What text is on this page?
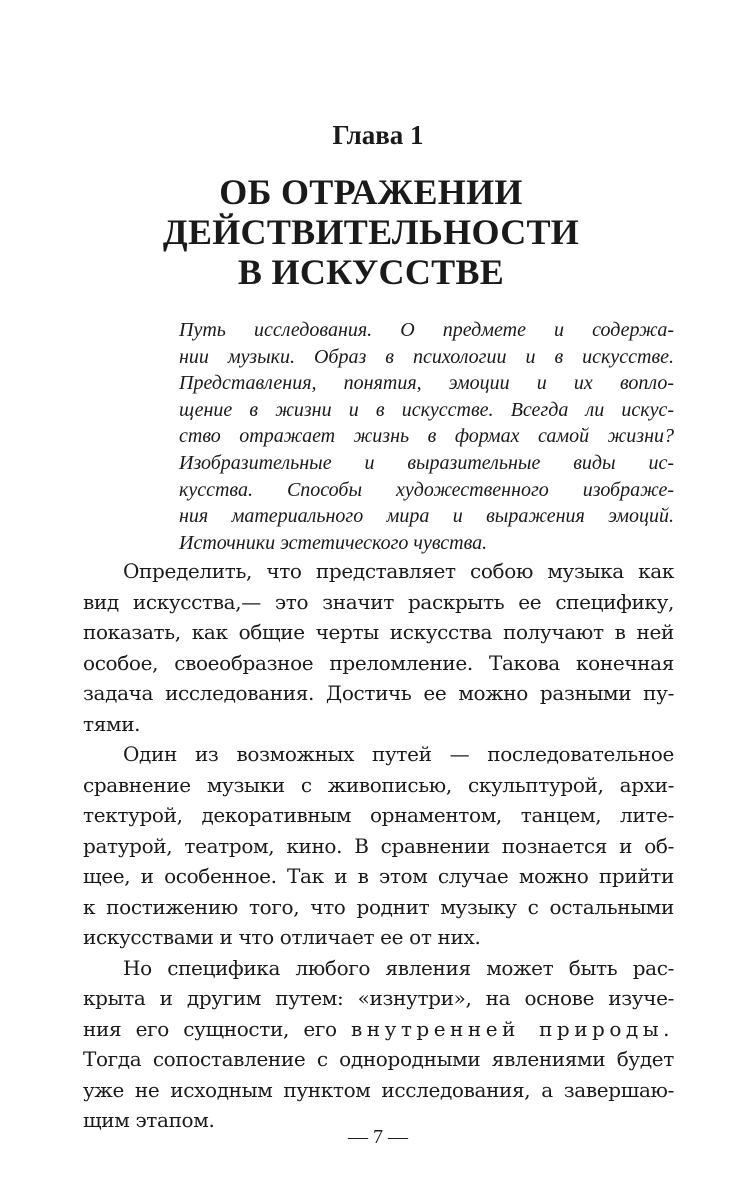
Глава 1
ОБ ОТРАЖЕНИИ
ДЕЙСТВИТЕЛЬНОСТИ
В ИСКУССТВЕ
Путь исследования. О предмете и содержа-
нии музыки. Образ в психологии и в искусстве.
Представления, понятия, эмоции и их вопло-
щение в жизни и в искусстве. Всегда ли искус-
ство отражает жизнь в формах самой жизни?
Изобразительные и выразительные виды ис-
кусства. Способы художественного изображе-
ния материального мира и выражения эмоций.
Источники эстетического чувства.
Определить, что представляет собою музыка как
вид искусства,— это значит раскрыть ее специфику,
показать, как общие черты искусства получают в ней
особое, своеобразное преломление. Такова конечная
задача исследования. Достичь ее можно разными пу-
тями.
Один из возможных путей — последовательное
сравнение музыки с живописью, скульптурой, архи-
тектурой, декоративным орнаментом, танцем, лите-
ратурой, театром, кино. В сравнении познается и об-
щее, и особенное. Так и в этом случае можно прийти
к постижению того, что роднит музыку с остальными
искусствами и что отличает ее от них.
Но специфика любого явления может быть рас-
крыта и другим путем: «изнутри», на основе изуче-
ния его сущности, его внутренней природы.
Тогда сопоставление с однородными явлениями будет
уже не исходным пунктом исследования, а завершаю-
щим этапом.
— 7 —
